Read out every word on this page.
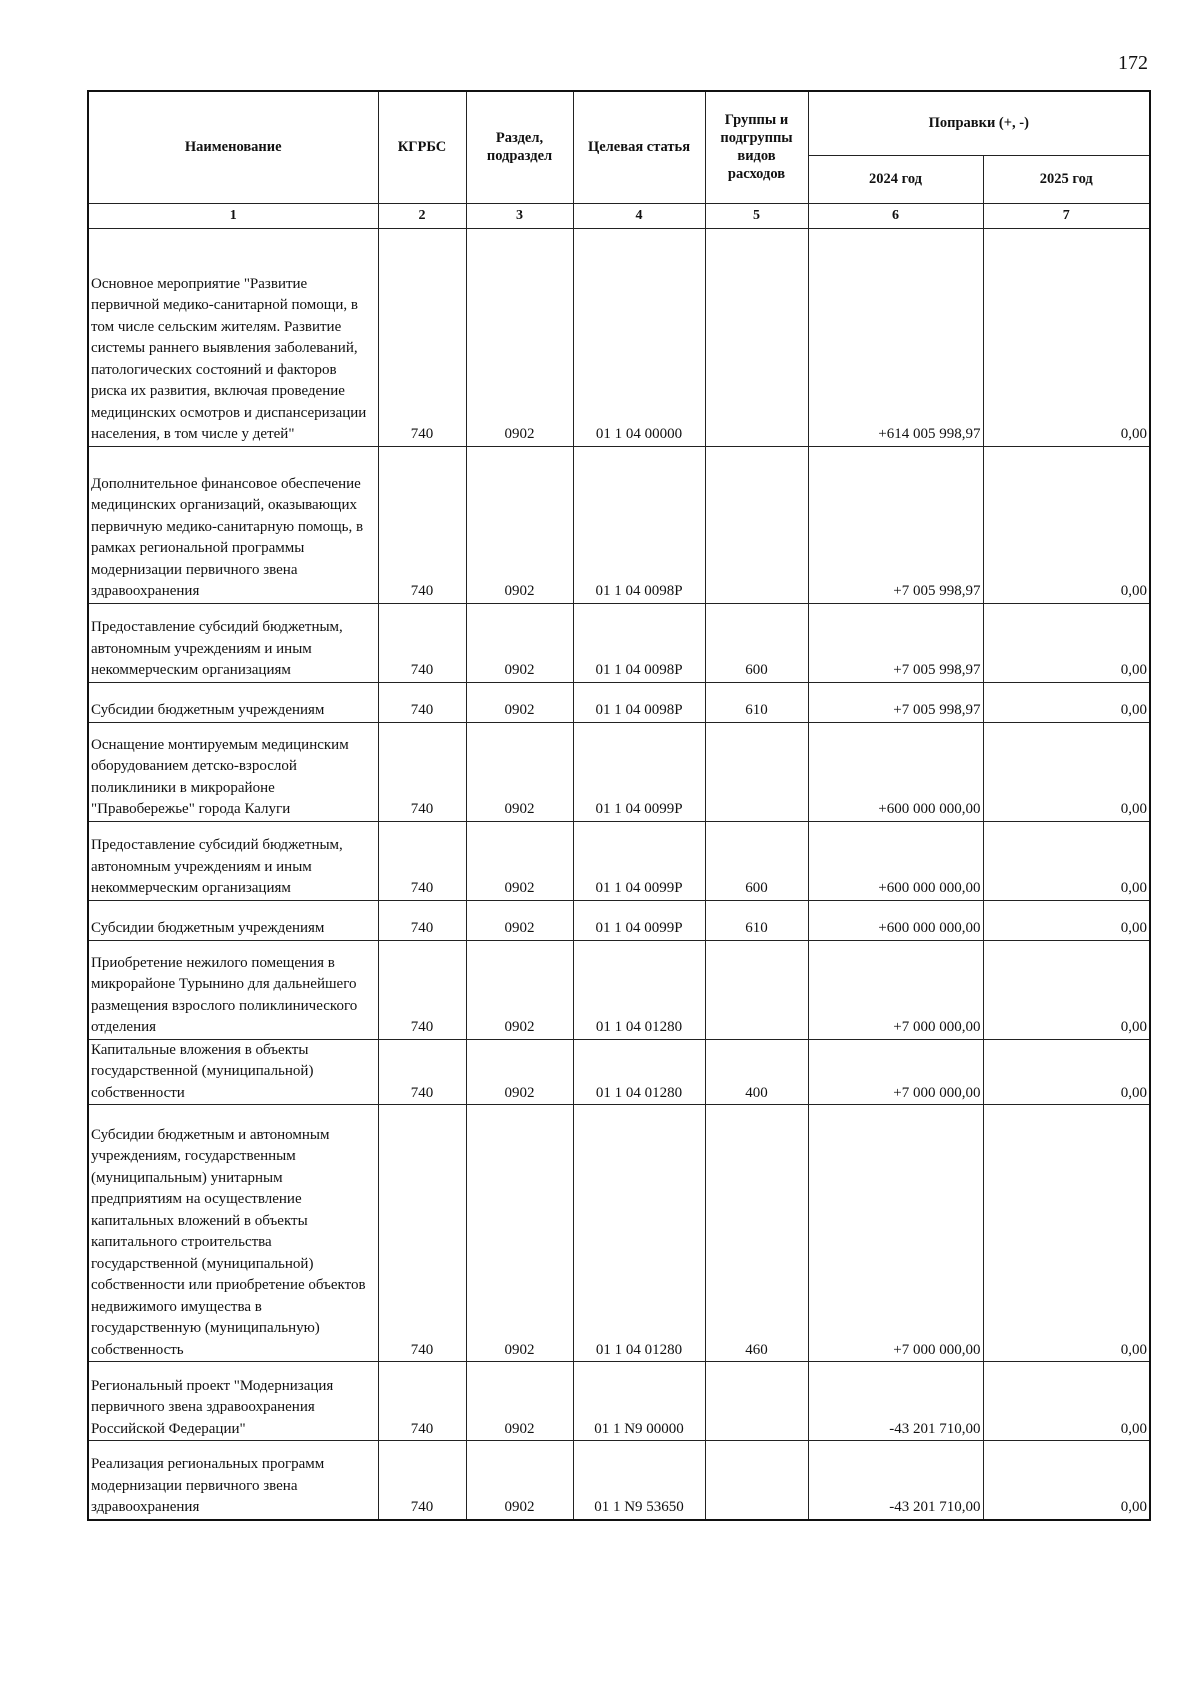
172
Наименование	КГРБС	Раздел, подраздел	Целевая статья	Группы и подгруппы видов расходов	Поправки (+, -)	
					2024 год	2025 год
1	2	3	4	5	6	7
Основное мероприятие "Развитие первичной медико-санитарной помощи, в том числе сельским жителям. Развитие системы раннего выявления заболеваний, патологических состояний и факторов риска их развития, включая проведение медицинских осмотров и диспансеризации населения, в том числе у детей"	740	0902	01 1 04 00000		+614 005 998,97	0,00
Дополнительное финансовое обеспечение медицинских организаций, оказывающих первичную медико-санитарную помощь, в рамках региональной программы модернизации первичного звена здравоохранения	740	0902	01 1 04 0098P		+7 005 998,97	0,00
Предоставление субсидий бюджетным, автономным учреждениям и иным некоммерческим организациям	740	0902	01 1 04 0098P	600	+7 005 998,97	0,00
Субсидии бюджетным учреждениям	740	0902	01 1 04 0098P	610	+7 005 998,97	0,00
Оснащение монтируемым медицинским оборудованием детско-взрослой поликлиники в микрорайоне "Правобережье" города Калуги	740	0902	01 1 04 0099P		+600 000 000,00	0,00
Предоставление субсидий бюджетным, автономным учреждениям и иным некоммерческим организациям	740	0902	01 1 04 0099P	600	+600 000 000,00	0,00
Субсидии бюджетным учреждениям	740	0902	01 1 04 0099P	610	+600 000 000,00	0,00
Приобретение нежилого помещения в микрорайоне Турынино для дальнейшего размещения взрослого поликлинического отделения	740	0902	01 1 04 01280		+7 000 000,00	0,00
Капитальные вложения в объекты государственной (муниципальной) собственности	740	0902	01 1 04 01280	400	+7 000 000,00	0,00
Субсидии бюджетным и автономным учреждениям, государственным (муниципальным) унитарным предприятиям на осуществление капитальных вложений в объекты капитального строительства государственной (муниципальной) собственности или приобретение объектов недвижимого имущества в государственную (муниципальную) собственность	740	0902	01 1 04 01280	460	+7 000 000,00	0,00
Региональный проект "Модернизация первичного звена здравоохранения Российской Федерации"	740	0902	01 1 N9 00000		-43 201 710,00	0,00
Реализация региональных программ модернизации первичного звена здравоохранения	740	0902	01 1 N9 53650		-43 201 710,00	0,00
